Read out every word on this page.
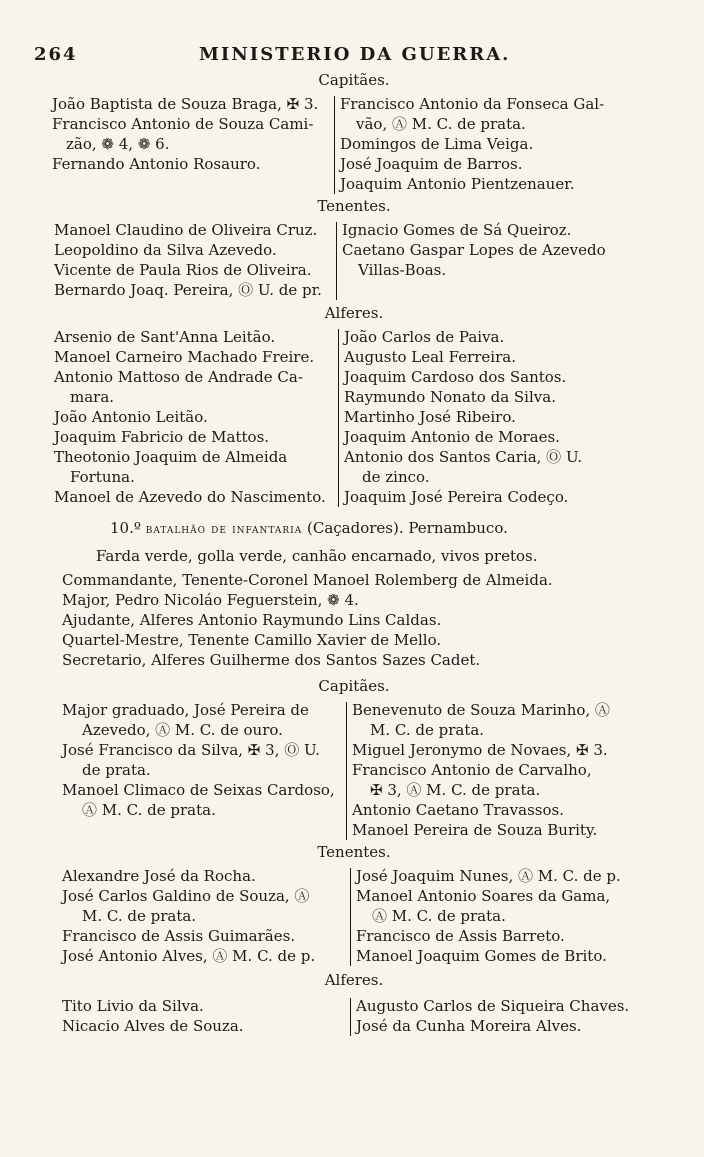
264	MINISTERIO DA GUERRA.
Capitães.
João Baptista de Souza Braga, ✠ 3.
Francisco Antonio de Souza Cami-
zão, ❁ 4, ❁ 6.
Fernando Antonio Rosauro.
Francisco Antonio da Fonseca Gal-
vão, Ⓐ M. C. de prata.
Domingos de Lima Veiga.
José Joaquim de Barros.
Joaquim Antonio Pientzenauer.
Tenentes.
Manoel Claudino de Oliveira Cruz.
Leopoldino da Silva Azevedo.
Vicente de Paula Rios de Oliveira.
Bernardo Joaq. Pereira, Ⓞ U. de pr.
Ignacio Gomes de Sá Queiroz.
Caetano Gaspar Lopes de Azevedo
Villas-Boas.
Alferes.
Arsenio de Sant'Anna Leitão.
Manoel Carneiro Machado Freire.
Antonio Mattoso de Andrade Ca-
mara.
João Antonio Leitão.
Joaquim Fabricio de Mattos.
Theotonio Joaquim de Almeida
Fortuna.
Manoel de Azevedo do Nascimento.
João Carlos de Paiva.
Augusto Leal Ferreira.
Joaquim Cardoso dos Santos.
Raymundo Nonato da Silva.
Martinho José Ribeiro.
Joaquim Antonio de Moraes.
Antonio dos Santos Caria, Ⓞ U.
de zinco.
Joaquim José Pereira Codeço.
10.º batalhão de infantaria (Caçadores). Pernambuco.
Farda verde, golla verde, canhão encarnado, vivos pretos.
Commandante, Tenente-Coronel Manoel Rolemberg de Almeida.
Major, Pedro Nicoláo Feguerstein, ❁ 4.
Ajudante, Alferes Antonio Raymundo Lins Caldas.
Quartel-Mestre, Tenente Camillo Xavier de Mello.
Secretario, Alferes Guilherme dos Santos Sazes Cadet.
Capitães.
Major graduado, José Pereira de
Azevedo, Ⓐ M. C. de ouro.
José Francisco da Silva, ✠ 3, Ⓞ U.
de prata.
Manoel Climaco de Seixas Cardoso,
Ⓐ M. C. de prata.
Benevenuto de Souza Marinho, Ⓐ
M. C. de prata.
Miguel Jeronymo de Novaes, ✠ 3.
Francisco Antonio de Carvalho,
✠ 3, Ⓐ M. C. de prata.
Antonio Caetano Travassos.
Manoel Pereira de Souza Burity.
Tenentes.
Alexandre José da Rocha.
José Carlos Galdino de Souza, Ⓐ
M. C. de prata.
Francisco de Assis Guimarães.
José Antonio Alves, Ⓐ M. C. de p.
José Joaquim Nunes, Ⓐ M. C. de p.
Manoel Antonio Soares da Gama,
Ⓐ M. C. de prata.
Francisco de Assis Barreto.
Manoel Joaquim Gomes de Brito.
Alferes.
Tito Livio da Silva.
Nicacio Alves de Souza.
Augusto Carlos de Siqueira Chaves.
José da Cunha Moreira Alves.
